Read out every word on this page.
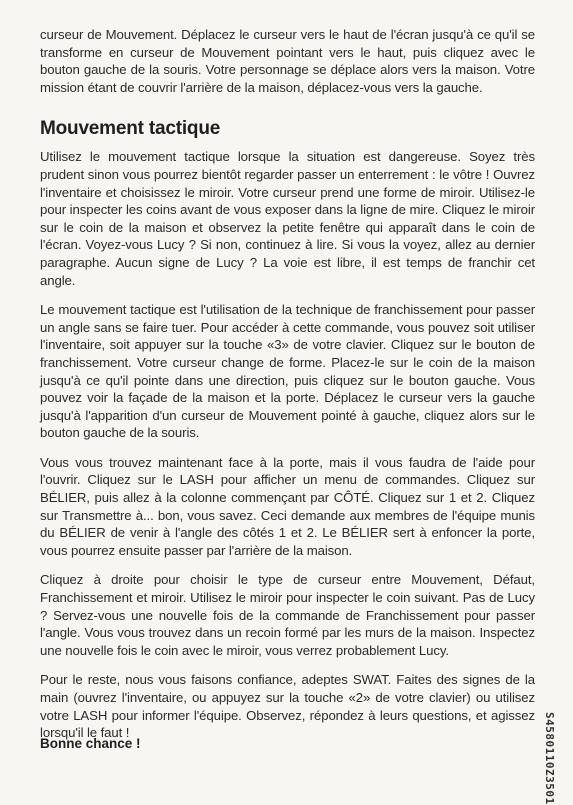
curseur de Mouvement. Déplacez le curseur vers le haut de l'écran jusqu'à ce qu'il se transforme en curseur de Mouvement pointant vers le haut, puis cliquez avec le bouton gauche de la souris. Votre personnage se déplace alors vers la maison. Votre mission étant de couvrir l'arrière de la maison, déplacez-vous vers la gauche.

Mouvement tactique

Utilisez le mouvement tactique lorsque la situation est dangereuse. Soyez très prudent sinon vous pourrez bientôt regarder passer un enterrement : le vôtre ! Ouvrez l'inventaire et choisissez le miroir. Votre curseur prend une forme de miroir. Utilisez-le pour inspecter les coins avant de vous exposer dans la ligne de mire. Cliquez le miroir sur le coin de la maison et observez la petite fenêtre qui apparaît dans le coin de l'écran. Voyez-vous Lucy ? Si non, continuez à lire. Si vous la voyez, allez au dernier paragraphe. Aucun signe de Lucy ? La voie est libre, il est temps de franchir cet angle.

Le mouvement tactique est l'utilisation de la technique de franchissement pour passer un angle sans se faire tuer. Pour accéder à cette commande, vous pouvez soit utiliser l'inventaire, soit appuyer sur la touche «3» de votre clavier. Cliquez sur le bouton de franchissement. Votre curseur change de forme. Placez-le sur le coin de la maison jusqu'à ce qu'il pointe dans une direction, puis cliquez sur le bouton gauche. Vous pouvez voir la façade de la maison et la porte. Déplacez le curseur vers la gauche jusqu'à l'apparition d'un curseur de Mouvement pointé à gauche, cliquez alors sur le bouton gauche de la souris.

Vous vous trouvez maintenant face à la porte, mais il vous faudra de l'aide pour l'ouvrir. Cliquez sur le LASH pour afficher un menu de commandes. Cliquez sur BÉLIER, puis allez à la colonne commençant par CÔTÉ. Cliquez sur 1 et 2. Cliquez sur Transmettre à... bon, vous savez. Ceci demande aux membres de l'équipe munis du BÉLIER de venir à l'angle des côtés 1 et 2. Le BÉLIER sert à enfoncer la porte, vous pourrez ensuite passer par l'arrière de la maison.

Cliquez à droite pour choisir le type de curseur entre Mouvement, Défaut, Franchissement et miroir. Utilisez le miroir pour inspecter le coin suivant. Pas de Lucy ? Servez-vous une nouvelle fois de la commande de Franchissement pour passer l'angle. Vous vous trouvez dans un recoin formé par les murs de la maison. Inspectez une nouvelle fois le coin avec le miroir, vous verrez probablement Lucy.

Pour le reste, nous vous faisons confiance, adeptes SWAT. Faites des signes de la main (ouvrez l'inventaire, ou appuyez sur la touche «2» de votre clavier) ou utilisez votre LASH pour informer l'équipe. Observez, répondez à leurs questions, et agissez lorsqu'il le faut !

Bonne chance !	S4580110Z3501
